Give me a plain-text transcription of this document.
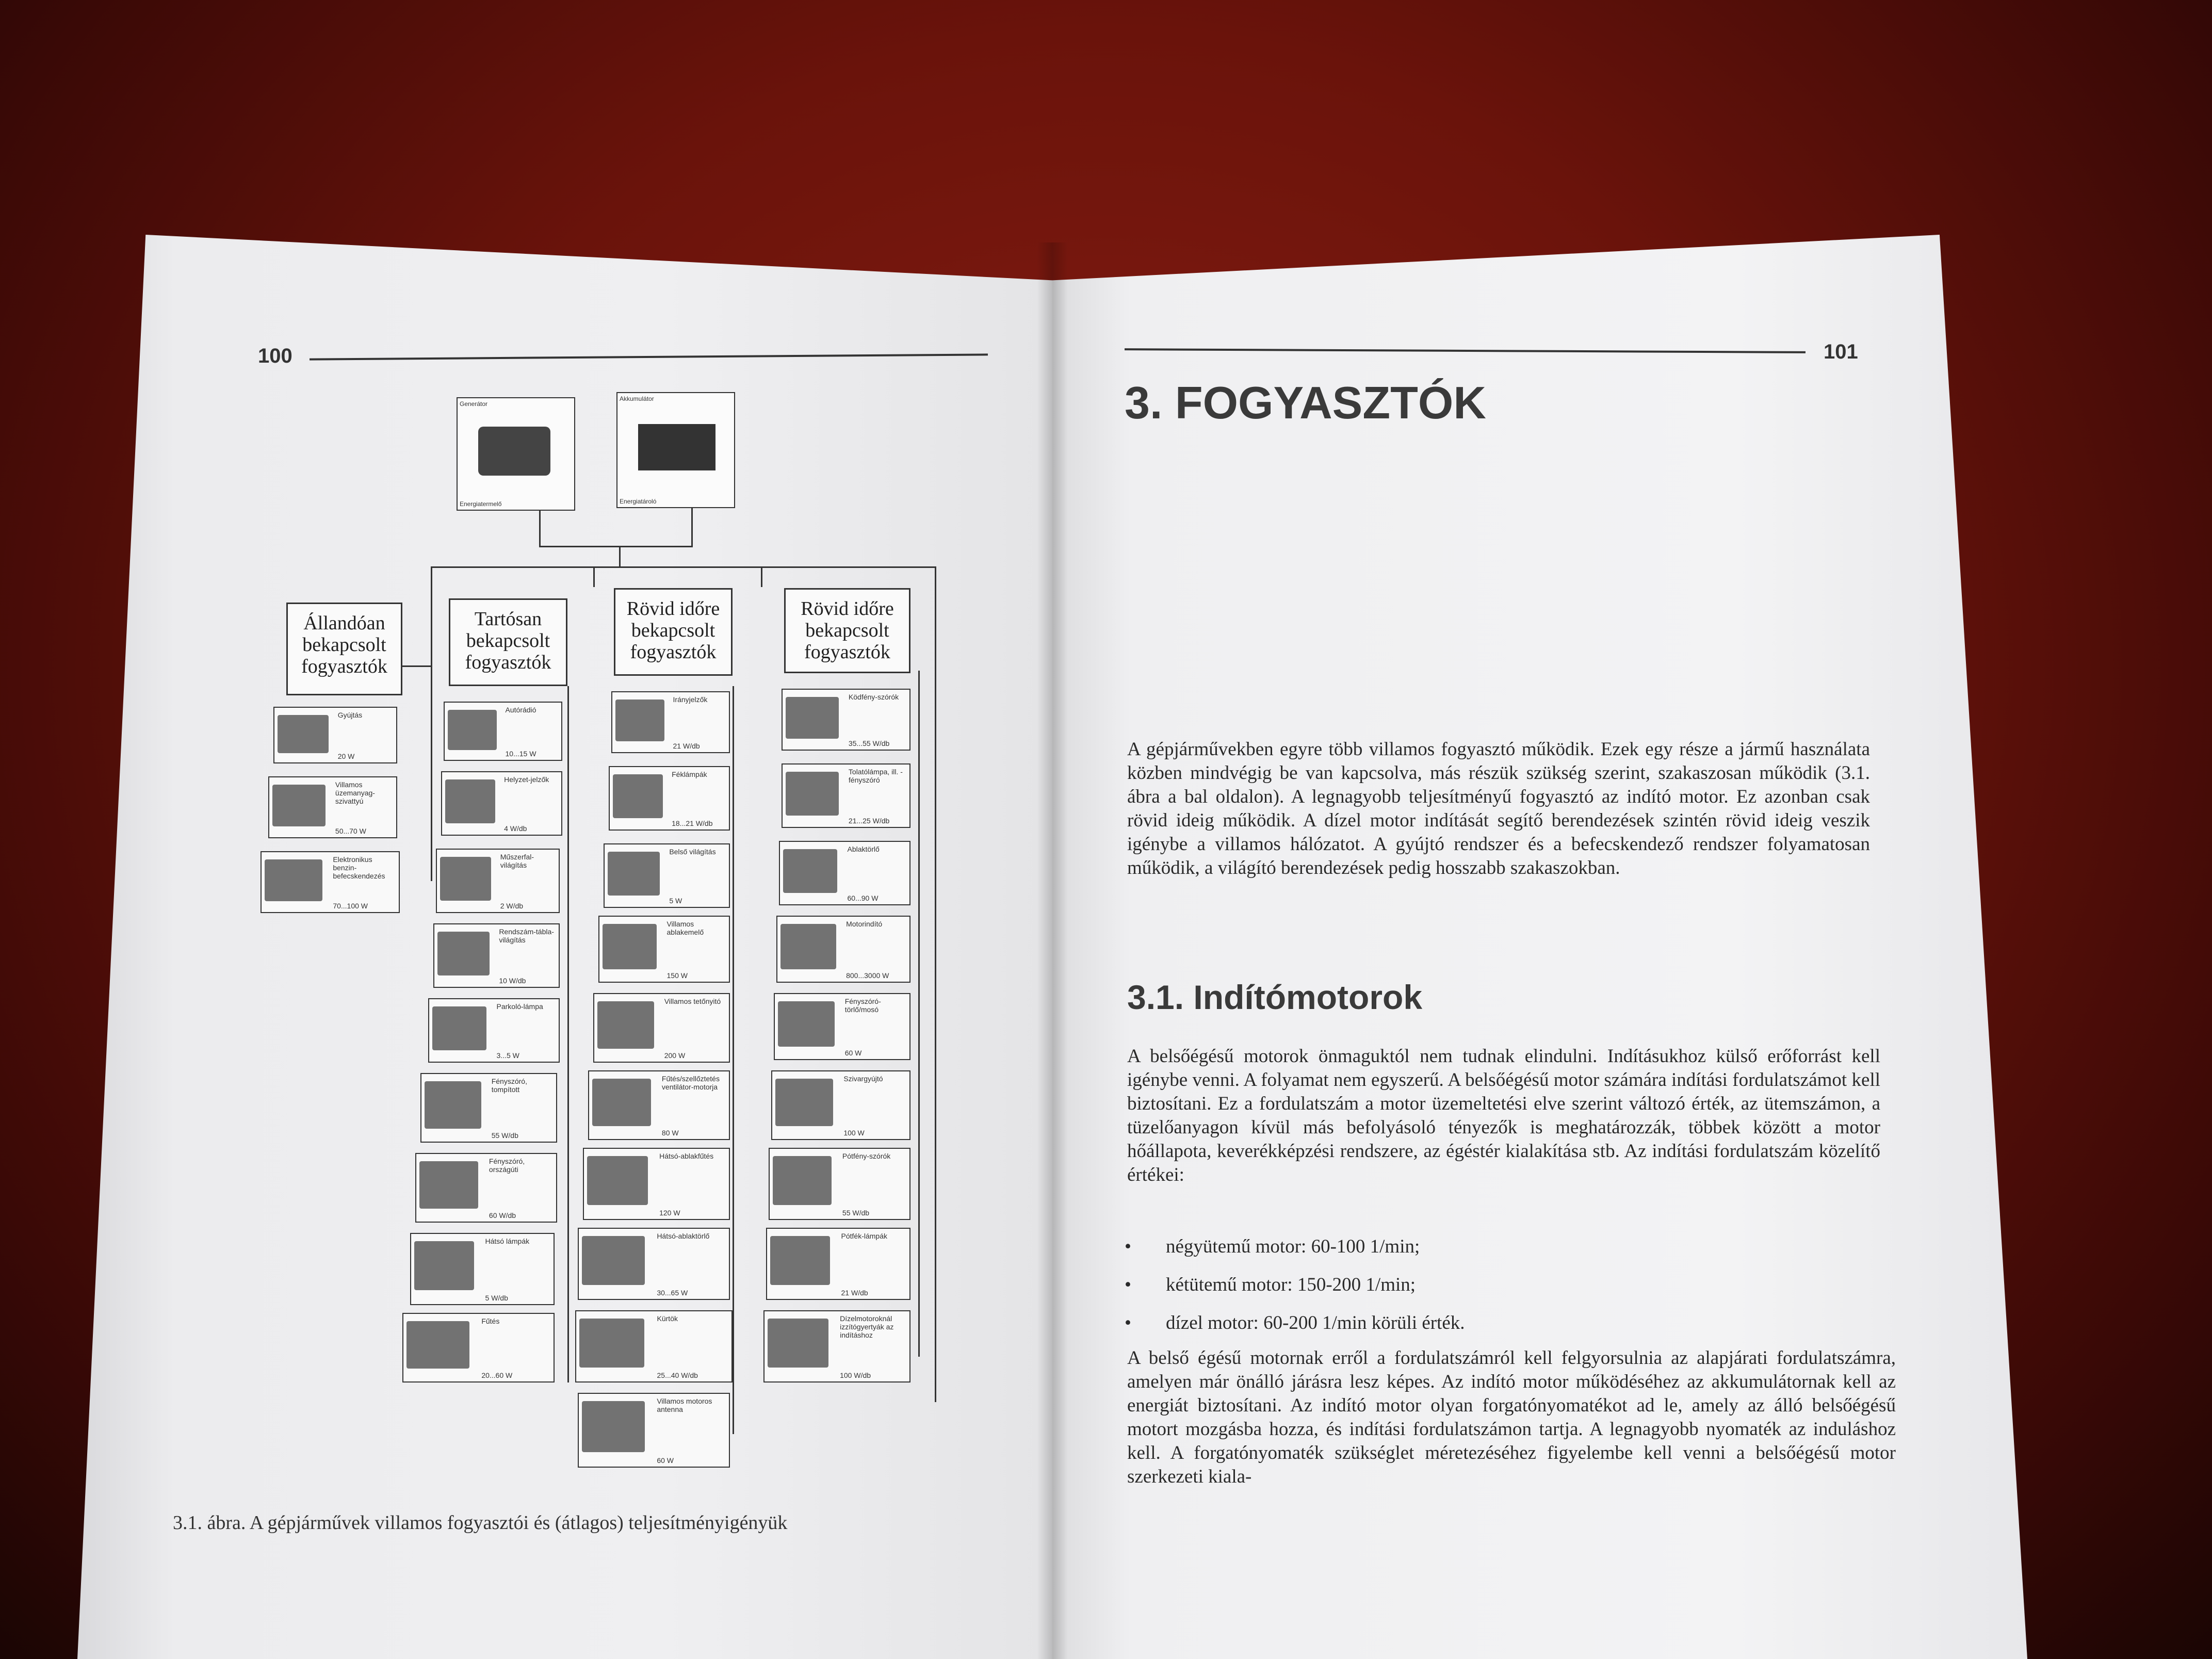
100
Generátor
Energiatermelő
Akkumulátor
Energiatároló
Állandóan bekapcsolt fogyasztók
Tartósan bekapcsolt fogyasztók
Rövid időre bekapcsolt fogyasztók
Rövid időre bekapcsolt fogyasztók
Gyújtás
20 W
Villamos üzemanyag-szivattyú
50...70 W
Elektronikus benzin-befecskendezés
70...100 W
Autórádió
10...15 W
Helyzet-jelzők
4 W/db
Műszerfal-világítás
2 W/db
Rendszám-tábla-világítás
10 W/db
Parkoló-lámpa
3...5 W
Fényszóró, tompított
55 W/db
Fényszóró, országúti
60 W/db
Hátsó lámpák
5 W/db
Fűtés
20...60 W
Irányjelzők
21 W/db
Féklámpák
18...21 W/db
Belső világítás
5 W
Villamos ablakemelő
150 W
Villamos tetőnyitó
200 W
Fűtés/szellőztetés ventilátor-motorja
80 W
Hátsó-ablakfűtés
120 W
Hátsó-ablaktörlő
30...65 W
Kürtök
25...40 W/db
Villamos motoros antenna
60 W
Ködfény-szórók
35...55 W/db
Tolatólámpa, ill. -fényszóró
21...25 W/db
Ablaktörlő
60...90 W
Motorindító
800...3000 W
Fényszóró-törlő/mosó
60 W
Szivargyújtó
100 W
Pótfény-szórók
55 W/db
Pótfék-lámpák
21 W/db
Dízelmotoroknál izzítógyertyák az indításhoz
100 W/db
3.1. ábra. A gépjárművek villamos fogyasztói és (átlagos) teljesítményigényük
101
3. FOGYASZTÓK
A gépjárművekben egyre több villamos fogyasztó működik. Ezek egy része a jármű használata közben mindvégig be van kapcsolva, más részük szükség szerint, szakaszosan működik (3.1. ábra a bal oldalon). A legnagyobb teljesítményű fogyasztó az indító motor. Ez azonban csak rövid ideig működik. A dízel motor indítását segítő berendezések szintén rövid ideig veszik igénybe a villamos hálózatot. A gyújtó rendszer és a befecskendező rendszer folyamatosan működik, a világító berendezések pedig hosszabb szakaszokban.
3.1. Indítómotorok
A belsőégésű motorok önmaguktól nem tudnak elindulni. Indításukhoz külső erőforrást kell igénybe venni. A folyamat nem egyszerű. A belsőégésű motor számára indítási fordulatszámot kell biztosítani. Ez a fordulatszám a motor üzemeltetési elve szerint változó érték, az ütemszámon, a tüzelőanyagon kívül más befolyásoló tényezők is meghatározzák, többek között a motor hőállapota, keverékképzési rendszere, az égéstér kialakítása stb. Az indítási fordulatszám közelítő értékei:
• négyütemű motor: 60-100 1/min;
• kétütemű motor: 150-200 1/min;
• dízel motor: 60-200 1/min körüli érték.
A belső égésű motornak erről a fordulatszámról kell felgyorsulnia az alapjárati fordulatszámra, amelyen már önálló járásra lesz képes. Az indító motor működéséhez az akkumulátornak kell az energiát biztosítani. Az indító motor olyan forgatónyomatékot ad le, amely az álló belsőégésű motort mozgásba hozza, és indítási fordulatszámon tartja. A legnagyobb nyomaték az induláshoz kell. A forgatónyomaték szükséglet méretezéséhez figyelembe kell venni a belsőégésű motor szerkezeti kiala-
